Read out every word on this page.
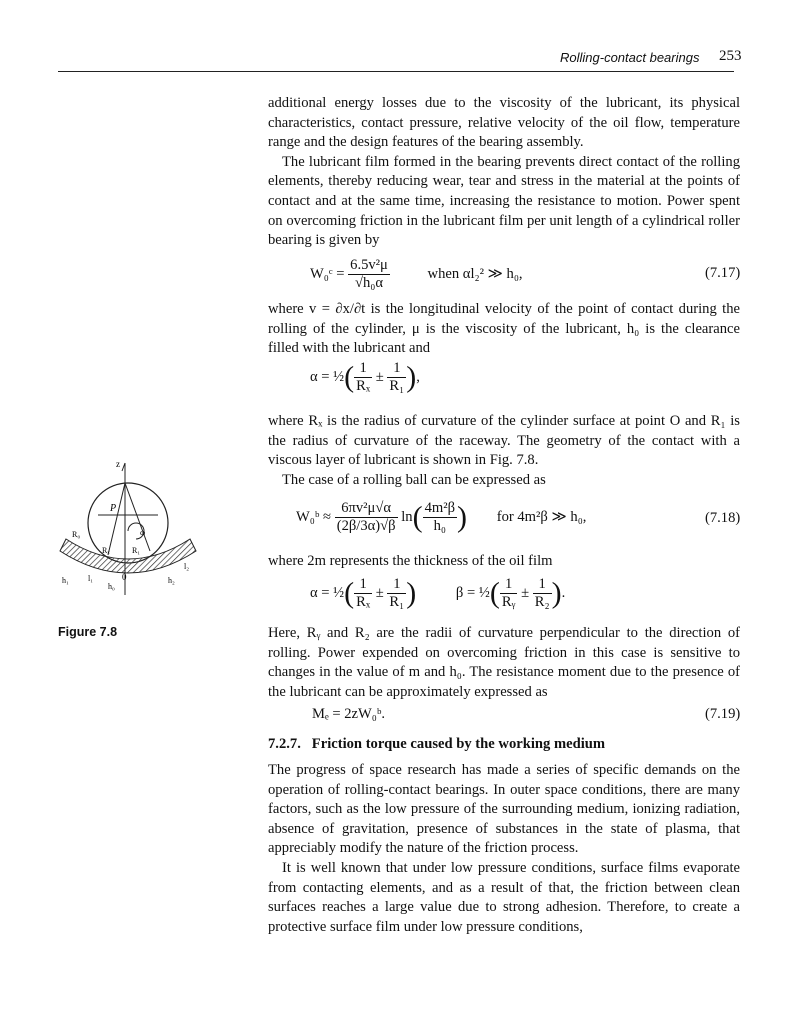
Rolling-contact bearings 253

additional energy losses due to the viscosity of the lubricant, its physical characteristics, contact pressure, relative velocity of the oil flow, temperature range and the design features of the bearing assembly.

The lubricant film formed in the bearing prevents direct contact of the rolling elements, thereby reducing wear, tear and stress in the material at the points of contact and at the same time, increasing the resistance to motion. Power spent on overcoming friction in the lubricant film per unit length of a cylindrical roller bearing is given by

W₀ᶜ = $\frac{\text{6.5v²μ}}{\text{√h₀α}}$	when αl₂² ≫ h₀,	(7.17)

where v = ∂x/∂t is the longitudinal velocity of the point of contact during the rolling of the cylinder, μ is the viscosity of the lubricant, h₀ is the clearance filled with the lubricant and

α = ½( $\frac{1}{\text{Rₓ}} \pm \frac{1}{\text{R₁}}$ ),

where Rₓ is the radius of curvature of the cylinder surface at point O and R₁ is the radius of curvature of the raceway. The geometry of the contact with a viscous layer of lubricant is shown in Fig. 7.8.

The case of a rolling ball can be expressed as

W₀ᵇ ≈ $\frac{\text{6πv²μ√α}}{(2\beta/3\alpha)√\beta} \ln( \frac{\text{4m²β}}{\text{h₀}}$ ) for 4m²β ≫ h₀,	(7.18)

where 2m represents the thickness of the oil film

α = ½( $\frac{1}{\text{Rₓ}} \pm \frac{1}{\text{R₁}}$ )	β = ½( $\frac{1}{\text{Rᵧ}} \pm \frac{1}{\text{R₂}}$ ).

Here, Rᵧ and R₂ are the radii of curvature perpendicular to the direction of rolling. Power expended on overcoming friction in this case is sensitive to changes in the value of m and h₀. The resistance moment due to the presence of the lubricant can be approximately expressed as

Mₑ = 2zW₀ᵇ.	(7.19)
7.2.7. Friction torque caused by the working medium

The progress of space research has made a series of specific demands on the operation of rolling-contact bearings. In outer space conditions, there are many factors, such as the low pressure of the surrounding medium, ionizing radiation, absence of gravitation, presence of substances in the state of plasma, that appreciably modify the nature of the friction process.

It is well known that under low pressure conditions, surface films evaporate from contacting elements, and as a result of that, the friction between clean surfaces reaches a large value due to strong adhesion. Therefore, to create a protective surface film under low pressure conditions,

z
P
R₀
Rₓ	R₁
ω
0
h₁
h₀
h₂
l₁
l₂
Figure 7.8
